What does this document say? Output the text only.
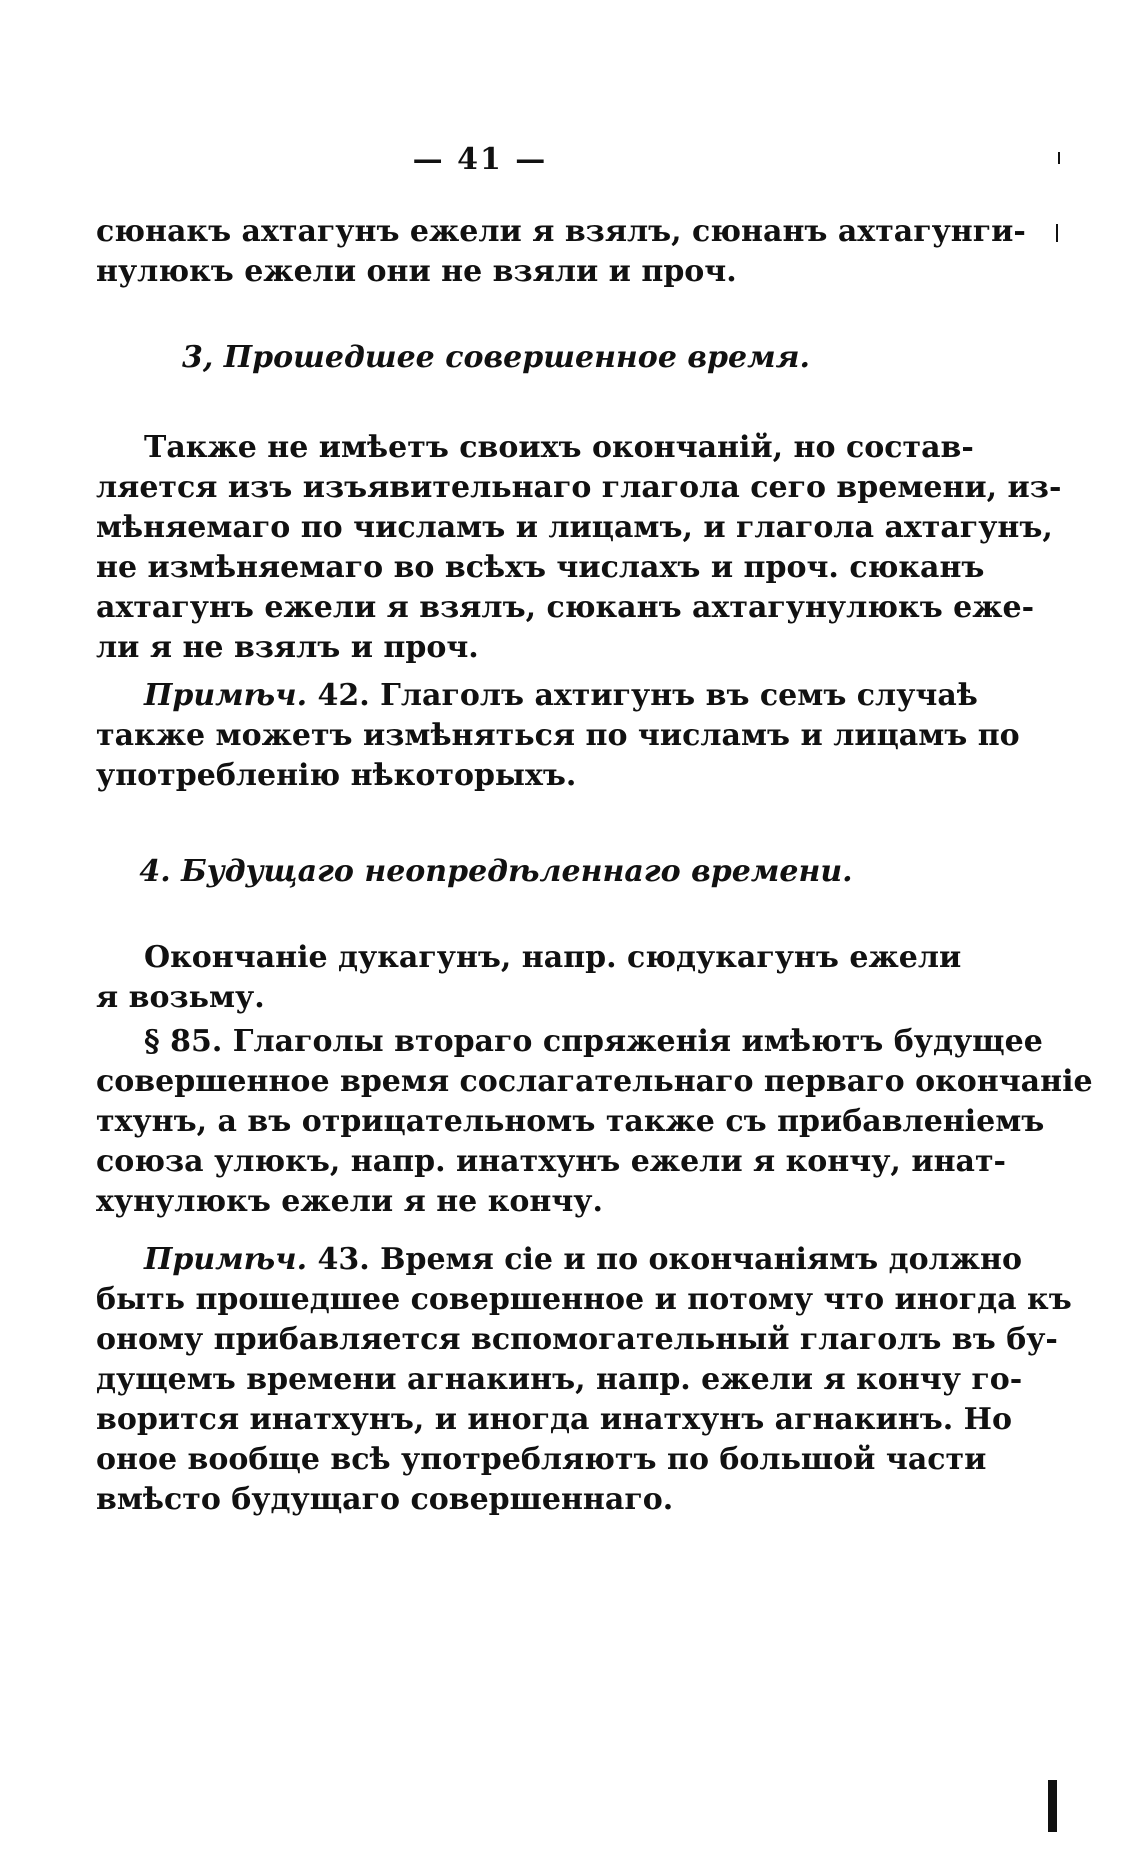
— 41 —
сюнакъ ахтагунъ ежели я взялъ, сюнанъ ахтагунги-
нулюкъ ежели они не взяли и проч.
3, Прошедшее совершенное время.
Также не имѣетъ своихъ окончаній, но состав-
ляется изъ изъявительнаго глагола сего времени, из-
мѣняемаго по числамъ и лицамъ, и глагола ахтагунъ,
не измѣняемаго во всѣхъ числахъ и проч. сюканъ
ахтагунъ ежели я взялъ, сюканъ ахтагунулюкъ еже-
ли я не взялъ и проч.
Примѣч. 42. Глаголъ ахтигунъ въ семъ случаѣ
также можетъ измѣняться по числамъ и лицамъ по
употребленію нѣкоторыхъ.
4. Будущаго неопредѣленнаго времени.
Окончаніе дукагунъ, напр. сюдукагунъ ежели
я возьму.
§ 85. Глаголы втораго спряженія имѣютъ будущее
совершенное время сослагательнаго перваго окончаніе
тхунъ, а въ отрицательномъ также съ прибавленіемъ
союза улюкъ, напр. инатхунъ ежели я кончу, инат-
хунулюкъ ежели я не кончу.
Примѣч. 43. Время сіе и по окончаніямъ должно
быть прошедшее совершенное и потому что иногда къ
оному прибавляется вспомогательный глаголъ въ бу-
дущемъ времени агнакинъ, напр. ежели я кончу го-
ворится инатхунъ, и иногда инатхунъ агнакинъ. Но
оное вообще всѣ употребляютъ по большой части
вмѣсто будущаго совершеннаго.
